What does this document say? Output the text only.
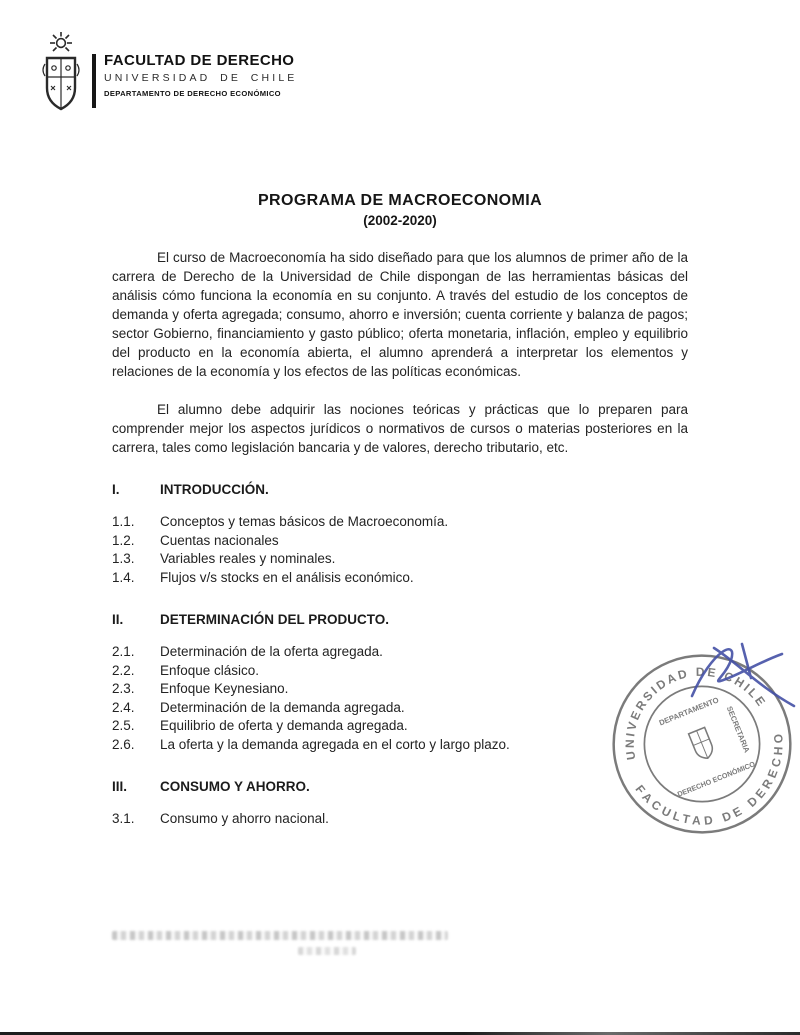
FACULTAD DE DERECHO
UNIVERSIDAD DE CHILE
DEPARTAMENTO DE DERECHO ECONÓMICO
PROGRAMA DE MACROECONOMIA
(2002-2020)

El curso de Macroeconomía ha sido diseñado para que los alumnos de primer año de la carrera de Derecho de la Universidad de Chile dispongan de las herramientas básicas del análisis cómo funciona la economía en su conjunto. A través del estudio de los conceptos de demanda y oferta agregada; consumo, ahorro e inversión; cuenta corriente y balanza de pagos; sector Gobierno, financiamiento y gasto público; oferta monetaria, inflación, empleo y equilibrio del producto en la economía abierta, el alumno aprenderá a interpretar los elementos y relaciones de la economía y los efectos de las políticas económicas.

El alumno debe adquirir las nociones teóricas y prácticas que lo preparen para comprender mejor los aspectos jurídicos o normativos de cursos o materias posteriores en la carrera, tales como legislación bancaria y de valores, derecho tributario, etc.

I.	INTRODUCCIÓN.
1.1.	Conceptos y temas básicos de Macroeconomía.
1.2.	Cuentas nacionales
1.3.	Variables reales y nominales.
1.4.	Flujos v/s stocks en el análisis económico.
II.	DETERMINACIÓN DEL PRODUCTO.
2.1.	Determinación de la oferta agregada.
2.2.	Enfoque clásico.
2.3.	Enfoque Keynesiano.
2.4.	Determinación de la demanda agregada.
2.5.	Equilibrio de oferta y demanda agregada.
2.6.	La oferta y la demanda agregada en el corto y largo plazo.
III.	CONSUMO Y AHORRO.
3.1.	Consumo y ahorro nacional.
UNIVERSIDAD DE CHILE
FACULTAD DE DERECHO
DEPARTAMENTO SECRETARIA
DERECHO ECONÓMICO
